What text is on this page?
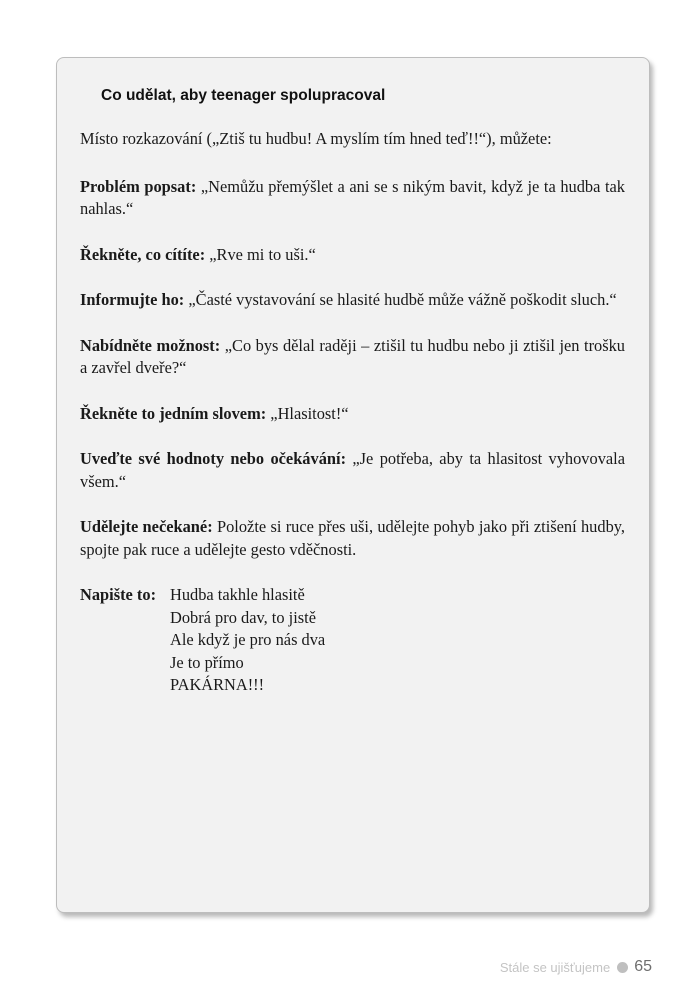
Co udělat, aby teenager spolupracoval

Místo rozkazování („Ztiš tu hudbu! A myslím tím hned teď!!“), můžete:

Problém popsat: „Nemůžu přemýšlet a ani se s nikým bavit, když je ta hudba tak nahlas.“

Řekněte, co cítíte: „Rve mi to uši.“

Informujte ho: „Časté vystavování se hlasité hudbě může vážně poškodit sluch.“

Nabídněte možnost: „Co bys dělal raději – ztišil tu hudbu nebo ji ztišil jen trošku a zavřel dveře?“

Řekněte to jedním slovem: „Hlasitost!“

Uveďte své hodnoty nebo očekávání: „Je potřeba, aby ta hlasitost vyhovovala všem.“

Udělejte nečekané: Položte si ruce přes uši, udělejte pohyb jako při ztišení hudby, spojte pak ruce a udělejte gesto vděčnosti.

Napište to: Hudba takhle hlasitě
Dobrá pro dav, to jistě
Ale když je pro nás dva
Je to přímo
PAKÁRNA!!!
Stále se ujišťujeme 65
